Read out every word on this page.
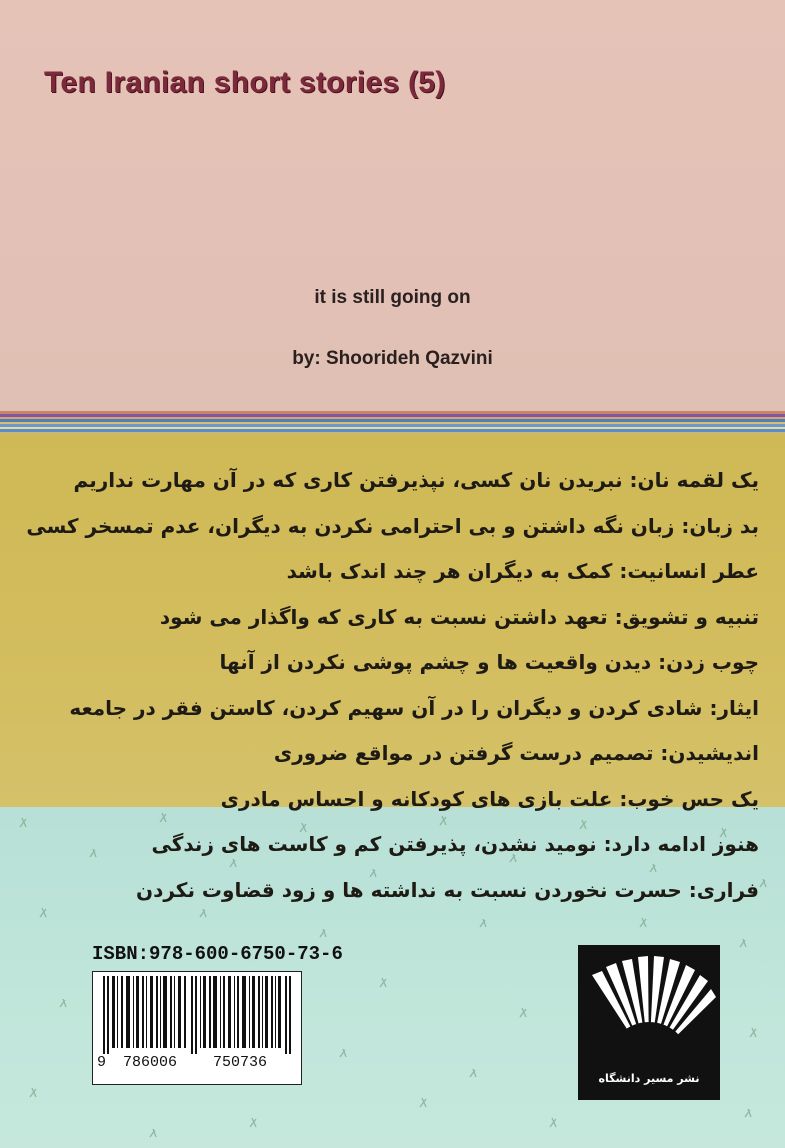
Ten Iranian short stories (5)
it is still going on
by: Shoorideh Qazvini
یک لقمه نان: نبریدن نان کسی، نپذیرفتن کاری که در آن مهارت نداریم
بد زبان: زبان نگه داشتن و بی احترامی نکردن به دیگران، عدم تمسخر کسی
عطر انسانیت: کمک به دیگران هر چند اندک باشد
تنبیه و تشویق: تعهد داشتن نسبت به کاری که واگذار می شود
چوب زدن: دیدن واقعیت ها و چشم پوشی نکردن از آنها
ایثار: شادی کردن و دیگران را در آن سهیم کردن، کاستن فقر در جامعه
اندیشیدن: تصمیم درست گرفتن در مواقع ضروری
یک حس خوب: علت بازی های کودکانه و احساس مادری
هنوز ادامه دارد: نومید نشدن، پذیرفتن کم و کاست های زندگی
فراری: حسرت نخوردن نسبت به نداشته ها و زود قضاوت نکردن
ISBN:978-600-6750-73-6
9 786006 750736
نشر مسیر دانشگاه
